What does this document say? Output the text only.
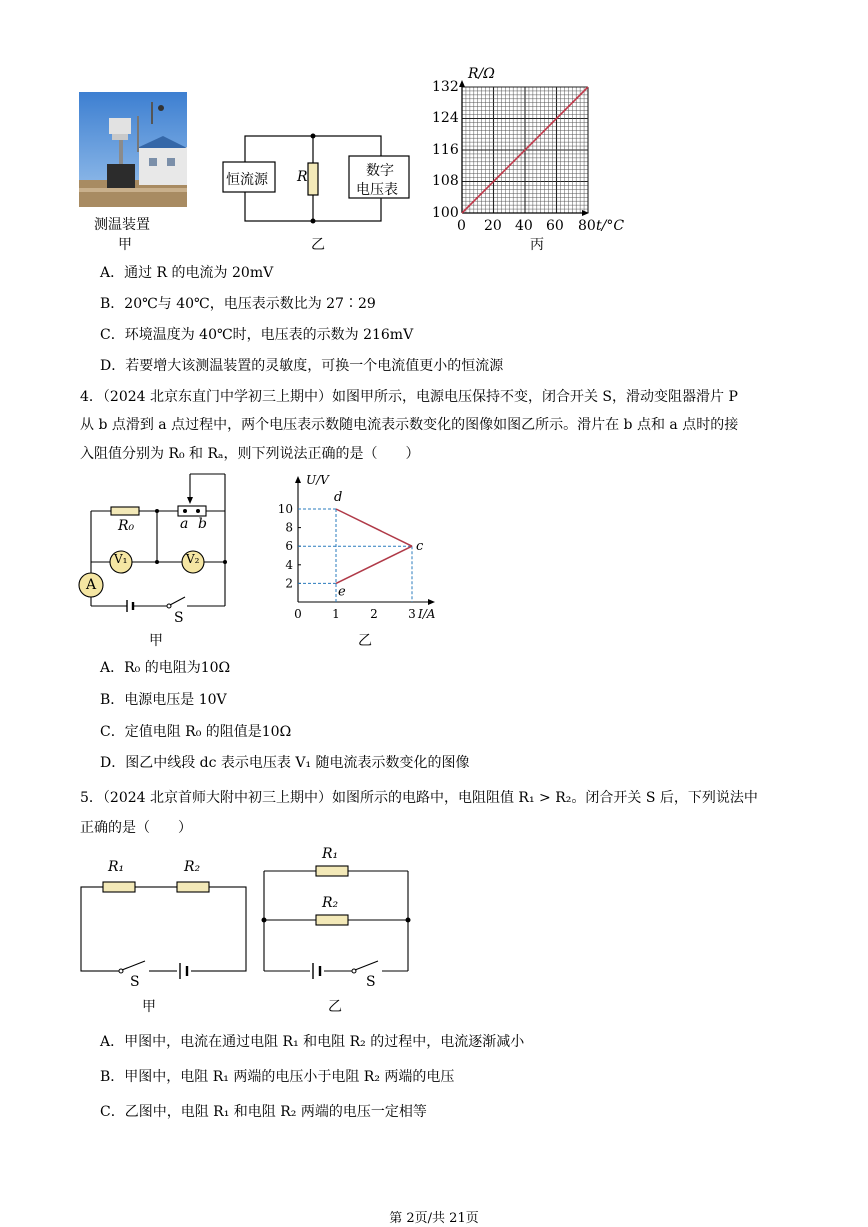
测温装置
甲
恒流源 R	数字
电压表
乙
R/Ω
132
124
116
108
100
0 20 40 60 80 t/°C
丙
A．通过 R 的电流为 20mV
B．20℃与 40℃，电压表示数比为 27∶29
C．环境温度为 40℃时，电压表的示数为 216mV
D．若要增大该测温装置的灵敏度，可换一个电流值更小的恒流源
4．（2024 北京东直门中学初三上期中）如图甲所示，电源电压保持不变，闭合开关 S，滑动变阻器滑片 P
从 b 点滑到 a 点过程中，两个电压表示数随电流表示数变化的图像如图乙所示。滑片在 b 点和 a 点时的接
入阻值分别为 R₀ 和 Rₐ，则下列说法正确的是（　　）
R₀	a b
V₁	V₂
A
S
甲
2
4
6
8
10
0	1	2	3
U/V
I/A
d
c
e
乙
A．R₀ 的电阻为10Ω
B．电源电压是 10V
C．定值电阻 R₀ 的阻值是10Ω
D．图乙中线段 dc 表示电压表 V₁ 随电流表示数变化的图像
5．（2024 北京首师大附中初三上期中）如图所示的电路中，电阻阻值 R₁ > R₂。闭合开关 S 后，下列说法中
正确的是（　　）
R₁	R₂
S
甲
R₁
R₂
S
乙
A．甲图中，电流在通过电阻 R₁ 和电阻 R₂ 的过程中，电流逐渐减小
B．甲图中，电阻 R₁ 两端的电压小于电阻 R₂ 两端的电压
C．乙图中，电阻 R₁ 和电阻 R₂ 两端的电压一定相等
第 2页/共 21页
